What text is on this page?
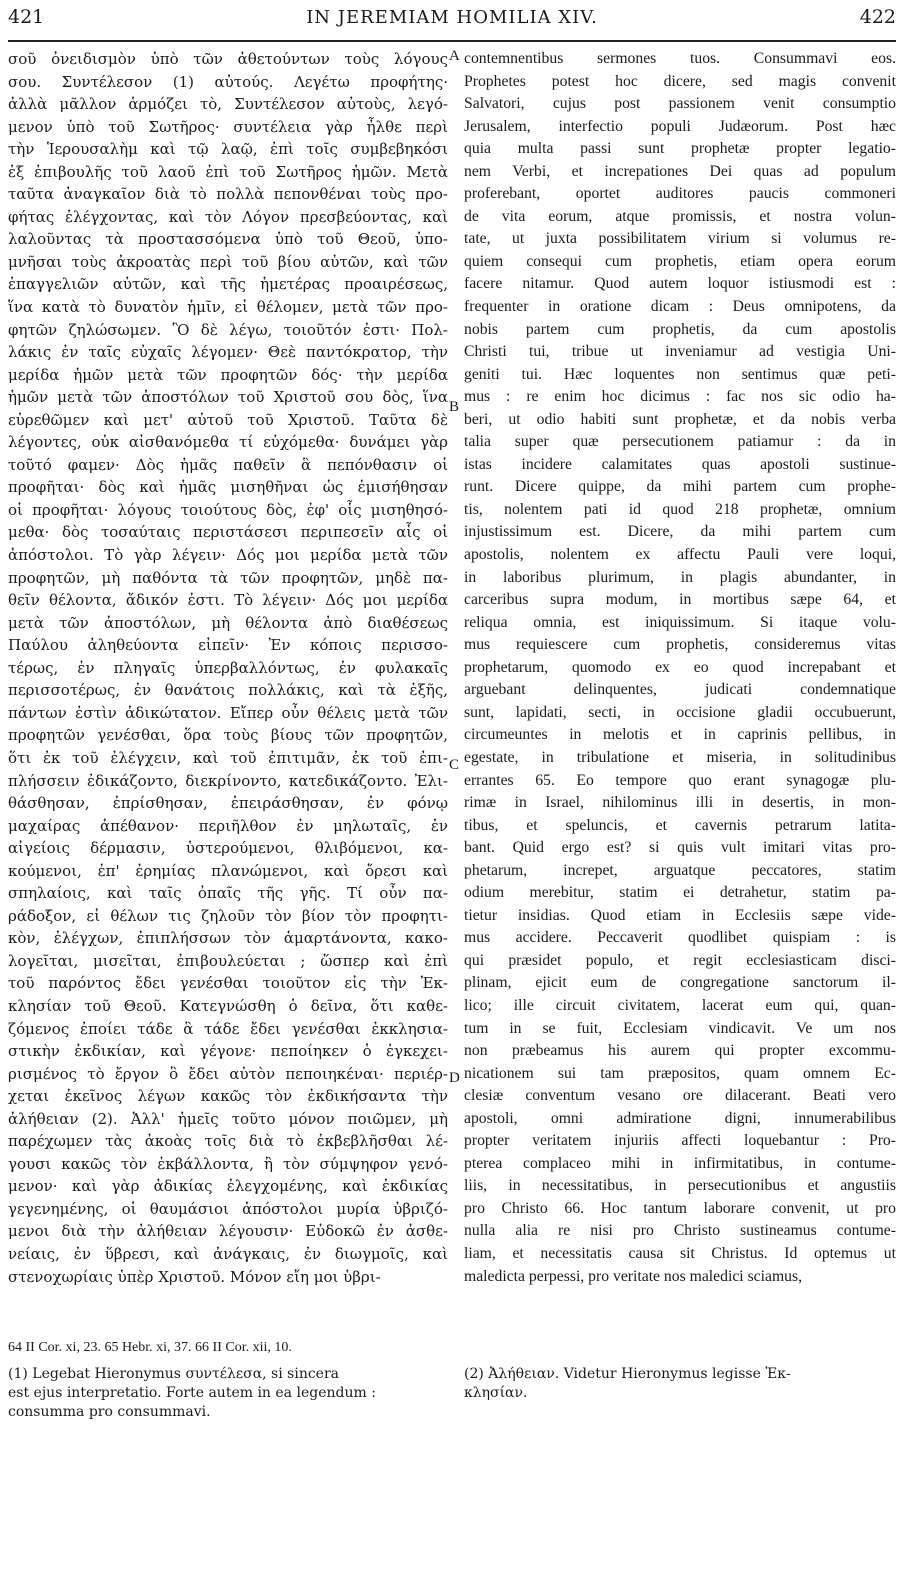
421	IN JEREMIAM HOMILIA XIV.	422
σοῦ ὀνειδισμὸν ὑπὸ τῶν ἀθετούντων τοὺς λόγους
σου. Συντέλεσον (1) αὐτούς. Λεγέτω προφήτης·
ἀλλὰ μᾶλλον ἁρμόζει τὸ, Συντέλεσον αὐτοὺς, λεγό-
μενον ὑπὸ τοῦ Σωτῆρος· συντέλεια γὰρ ἦλθε περὶ
τὴν Ἱερουσαλὴμ καὶ τῷ λαῷ, ἐπὶ τοῖς συμβεβηκόσι
ἐξ ἐπιβουλῆς τοῦ λαοῦ ἐπὶ τοῦ Σωτῆρος ἡμῶν. Μετὰ
ταῦτα ἀναγκαῖον διὰ τὸ πολλὰ πεπονθέναι τοὺς προ-
φήτας ἐλέγχοντας, καὶ τὸν Λόγον πρεσβεύοντας, καὶ
λαλοῦντας τὰ προστασσόμενα ὑπὸ τοῦ Θεοῦ, ὑπο-
μνῆσαι τοὺς ἀκροατὰς περὶ τοῦ βίου αὐτῶν, καὶ τῶν
ἐπαγγελιῶν αὐτῶν, καὶ τῆς ἡμετέρας προαιρέσεως,
ἵνα κατὰ τὸ δυνατὸν ἡμῖν, εἰ θέλομεν, μετὰ τῶν προ-
φητῶν ζηλώσωμεν. Ὃ δὲ λέγω, τοιοῦτόν ἐστι· Πολ-
λάκις ἐν ταῖς εὐχαῖς λέγομεν· Θεὲ παντόκρατορ, τὴν
μερίδα ἡμῶν μετὰ τῶν προφητῶν δός· τὴν μερίδα
ἡμῶν μετὰ τῶν ἀποστόλων τοῦ Χριστοῦ σου δὸς, ἵνα
εὑρεθῶμεν καὶ μετ' αὐτοῦ τοῦ Χριστοῦ. Ταῦτα δὲ
λέγοντες, οὐκ αἰσθανόμεθα τί εὐχόμεθα· δυνάμει γὰρ
τοῦτό φαμεν· Δὸς ἡμᾶς παθεῖν ἃ πεπόνθασιν οἱ
προφῆται· δὸς καὶ ἡμᾶς μισηθῆναι ὡς ἐμισήθησαν
οἱ προφῆται· λόγους τοιούτους δὸς, ἐφ' οἷς μισηθησό-
μεθα· δὸς τοσαύταις περιστάσεσι περιπεσεῖν αἷς οἱ
ἀπόστολοι. Τὸ γὰρ λέγειν· Δός μοι μερίδα μετὰ τῶν
προφητῶν, μὴ παθόντα τὰ τῶν προφητῶν, μηδὲ πα-
θεῖν θέλοντα, ἄδικόν ἐστι. Τὸ λέγειν· Δός μοι μερίδα
μετὰ τῶν ἀποστόλων, μὴ θέλοντα ἀπὸ διαθέσεως
Παύλου ἀληθεύοντα εἰπεῖν· Ἐν κόποις περισσο-
τέρως, ἐν πληγαῖς ὑπερβαλλόντως, ἐν φυλακαῖς
περισσοτέρως, ἐν θανάτοις πολλάκις, καὶ τὰ ἑξῆς,
πάντων ἐστὶν ἀδικώτατον. Εἴπερ οὖν θέλεις μετὰ τῶν
προφητῶν γενέσθαι, ὅρα τοὺς βίους τῶν προφητῶν,
ὅτι ἐκ τοῦ ἐλέγχειν, καὶ τοῦ ἐπιτιμᾶν, ἐκ τοῦ ἐπι-
πλήσσειν ἐδικάζοντο, διεκρίνοντο, κατεδικάζοντο. Ἐλι-
θάσθησαν, ἐπρίσθησαν, ἐπειράσθησαν, ἐν φόνῳ
μαχαίρας ἀπέθανον· περιῆλθον ἐν μηλωταῖς, ἐν
αἰγείοις δέρμασιν, ὑστερούμενοι, θλιβόμενοι, κα-
κούμενοι, ἐπ' ἐρημίας πλανώμενοι, καὶ ὄρεσι καὶ
σπηλαίοις, καὶ ταῖς ὀπαῖς τῆς γῆς. Τί οὖν πα-
ράδοξον, εἰ θέλων τις ζηλοῦν τὸν βίον τὸν προφητι-
κὸν, ἐλέγχων, ἐπιπλήσσων τὸν ἁμαρτάνοντα, κακο-
λογεῖται, μισεῖται, ἐπιβουλεύεται ; ὥσπερ καὶ ἐπὶ
τοῦ παρόντος ἔδει γενέσθαι τοιοῦτον εἰς τὴν Ἐκ-
κλησίαν τοῦ Θεοῦ. Κατεγνώσθη ὁ δεῖνα, ὅτι καθε-
ζόμενος ἐποίει τάδε ἃ τάδε ἔδει γενέσθαι ἐκκλησια-
στικὴν ἐκδικίαν, καὶ γέγονε· πεποίηκεν ὁ ἐγκεχει-
ρισμένος τὸ ἔργον ὃ ἔδει αὐτὸν πεποιηκέναι· περιέρ-
χεται ἐκεῖνος λέγων κακῶς τὸν ἐκδικήσαντα τὴν
ἀλήθειαν (2). Ἀλλ' ἡμεῖς τοῦτο μόνον ποιῶμεν, μὴ
παρέχωμεν τὰς ἀκοὰς τοῖς διὰ τὸ ἐκβεβλῆσθαι λέ-
γουσι κακῶς τὸν ἐκβάλλοντα, ἢ τὸν σύμψηφον γενό-
μενον· καὶ γὰρ ἀδικίας ἐλεγχομένης, καὶ ἐκδικίας
γεγενημένης, οἱ θαυμάσιοι ἀπόστολοι μυρία ὑβριζό-
μενοι διὰ τὴν ἀλήθειαν λέγουσιν· Εὐδοκῶ ἐν ἀσθε-
νείαις, ἐν ὕβρεσι, καὶ ἀνάγκαις, ἐν διωγμοῖς, καὶ
στενοχωρίαις ὑπὲρ Χριστοῦ. Μόνον εἴη μοι ὑβρι-
contemnentibus sermones tuos. Consummavi eos.
Prophetes potest hoc dicere, sed magis convenit
Salvatori, cujus post passionem venit consumptio
Jerusalem, interfectio populi Judæorum. Post hæc
quia multa passi sunt prophetæ propter legatio-
nem Verbi, et increpationes Dei quas ad populum
proferebant, oportet auditores paucis commoneri
de vita eorum, atque promissis, et nostra volun-
tate, ut juxta possibilitatem virium si volumus re-
quiem consequi cum prophetis, etiam opera eorum
facere nitamur. Quod autem loquor istiusmodi est :
frequenter in oratione dicam : Deus omnipotens, da
nobis partem cum prophetis, da cum apostolis
Christi tui, tribue ut inveniamur ad vestigia Uni-
geniti tui. Hæc loquentes non sentimus quæ peti-
mus : re enim hoc dicimus : fac nos sic odio ha-
beri, ut odio habiti sunt prophetæ, et da nobis verba
talia super quæ persecutionem patiamur : da in
istas incidere calamitates quas apostoli sustinue-
runt. Dicere quippe, da mihi partem cum prophe-
tis, nolentem pati id quod 218 prophetæ, omnium
injustissimum est. Dicere, da mihi partem cum
apostolis, nolentem ex affectu Pauli vere loqui,
in laboribus plurimum, in plagis abundanter, in
carceribus supra modum, in mortibus sæpe 64, et
reliqua omnia, est iniquissimum. Si itaque volu-
mus requiescere cum prophetis, consideremus vitas
prophetarum, quomodo ex eo quod increpabant et
arguebant delinquentes, judicati condemnatique
sunt, lapidati, secti, in occisione gladii occubuerunt,
circumeuntes in melotis et in caprinis pellibus, in
egestate, in tribulatione et miseria, in solitudinibus
errantes 65. Eo tempore quo erant synagogæ plu-
rimæ in Israel, nihilominus illi in desertis, in mon-
tibus, et speluncis, et cavernis petrarum latita-
bant. Quid ergo est? si quis vult imitari vitas pro-
phetarum, increpet, arguatque peccatores, statim
odium merebitur, statim ei detrahetur, statim pa-
tietur insidias. Quod etiam in Ecclesiis sæpe vide-
mus accidere. Peccaverit quodlibet quispiam : is
qui præsidet populo, et regit ecclesiasticam disci-
plinam, ejicit eum de congregatione sanctorum il-
lico; ille circuit civitatem, lacerat eum qui, quan-
tum in se fuit, Ecclesiam vindicavit. Ve um nos
non præbeamus his aurem qui propter excommu-
nicationem sui tam præpositos, quam omnem Ec-
clesiæ conventum vesano ore dilacerant. Beati vero
apostoli, omni admiratione digni, innumerabilibus
propter veritatem injuriis affecti loquebantur : Pro-
pterea complaceo mihi in infirmitatibus, in contume-
liis, in necessitatibus, in persecutionibus et angustiis
pro Christo 66. Hoc tantum laborare convenit, ut pro
nulla alia re nisi pro Christo sustineamus contume-
liam, et necessitatis causa sit Christus. Id optemus ut
maledicta perpessi, pro veritate nos maledici sciamus,
A
B
C
D
64 II Cor. xi, 23. 65 Hebr. xi, 37. 66 II Cor. xii, 10.
(1) Legebat Hieronymus συντέλεσα, si sincera
est ejus interpretatio. Forte autem in ea legendum :
consumma pro consummavi.
(2) Ἀλήθειαν. Videtur Hieronymus legisse Ἐκ-
κλησίαν.
